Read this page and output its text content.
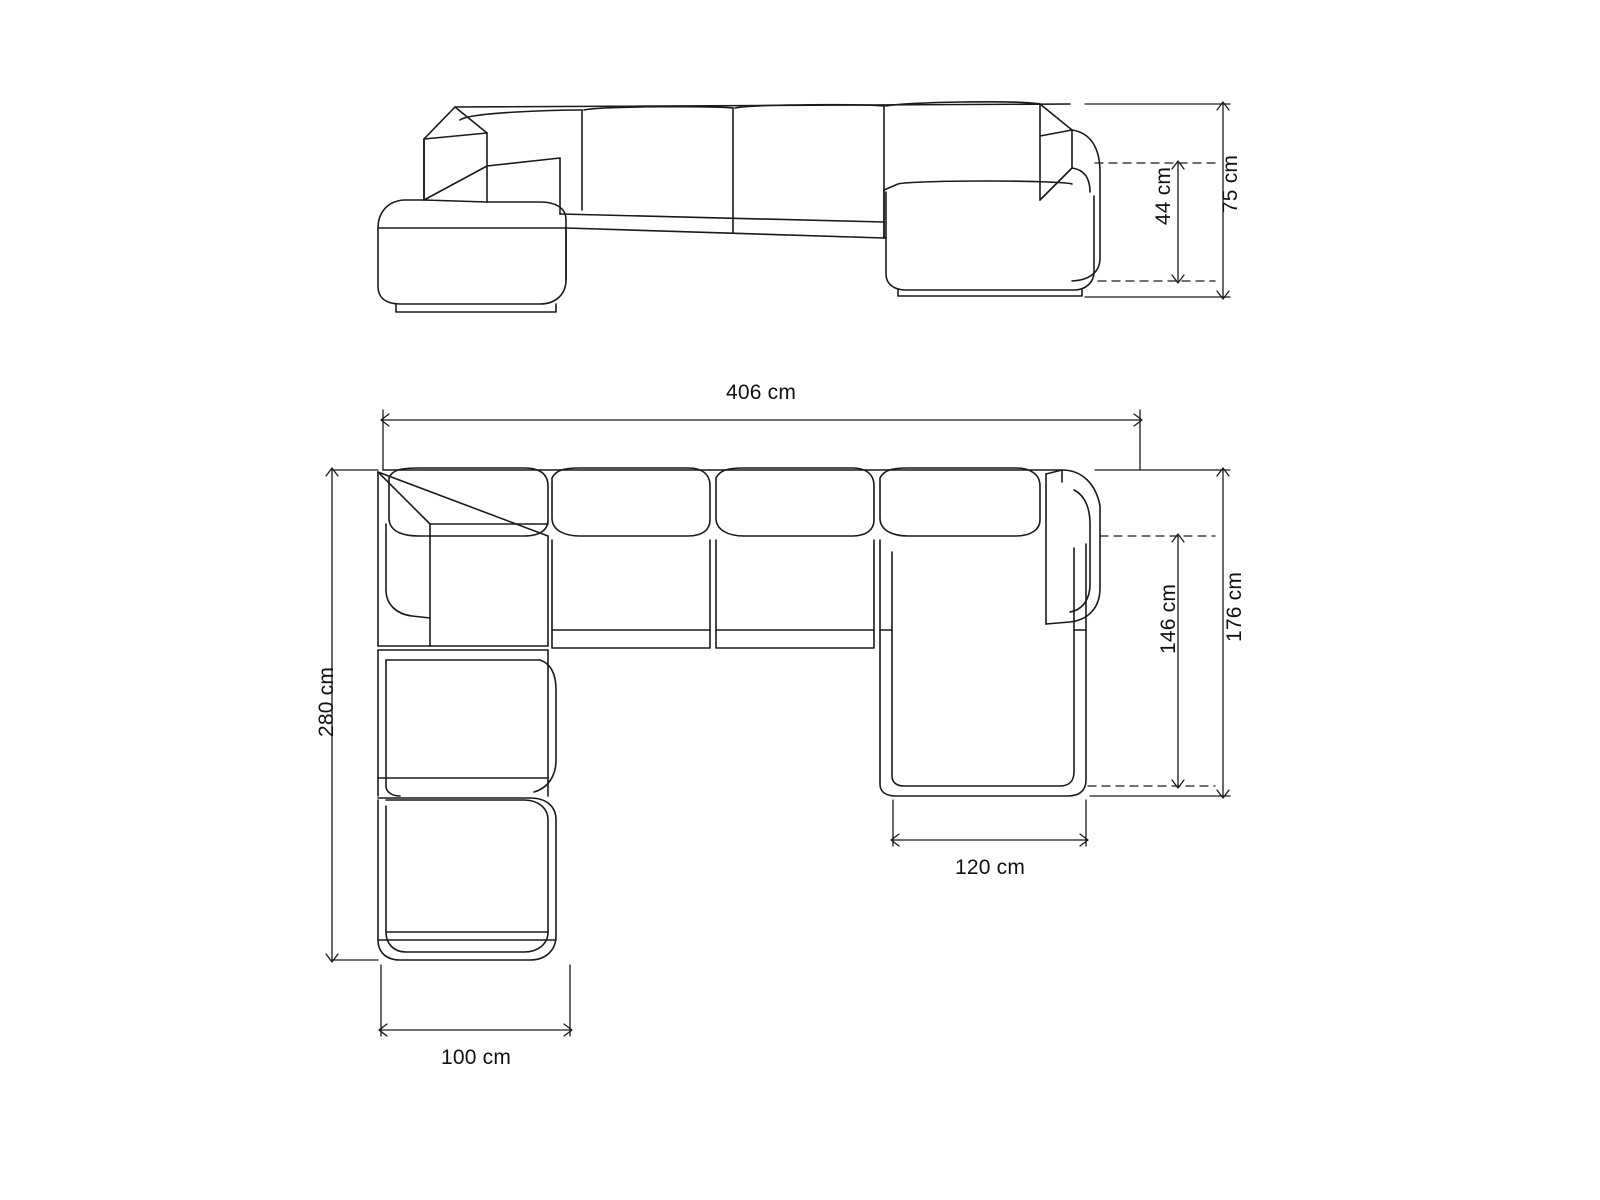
75 cm
44 cm
406 cm
176 cm
146 cm
280 cm
120 cm
100 cm
